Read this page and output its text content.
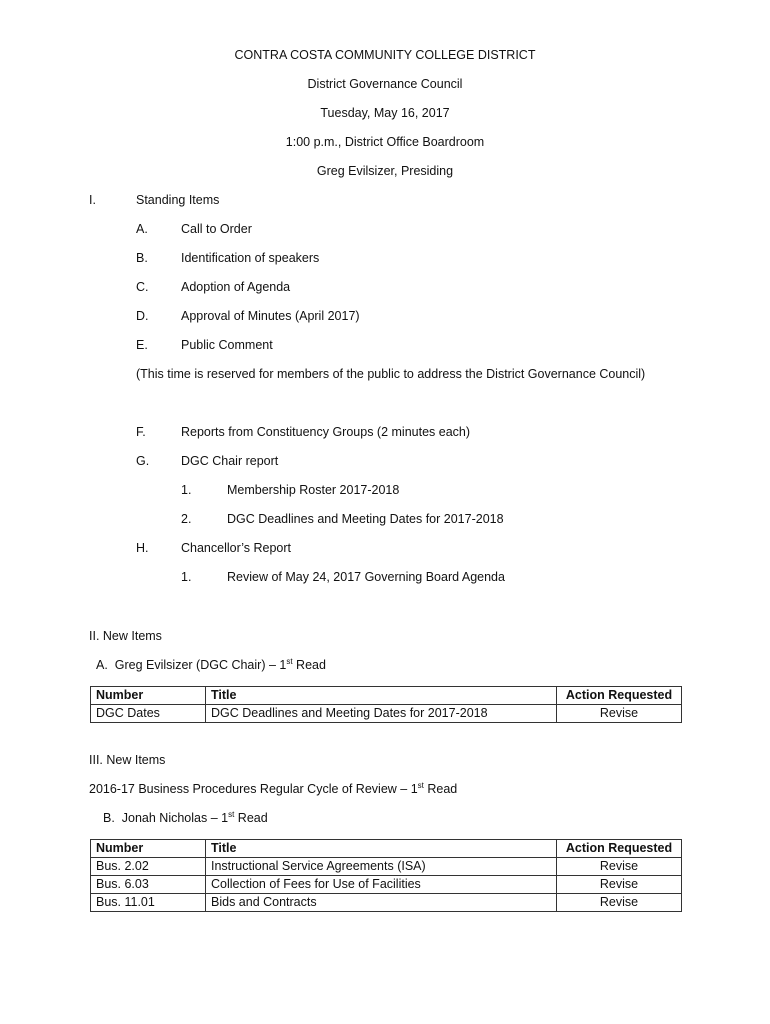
CONTRA COSTA COMMUNITY COLLEGE DISTRICT
District Governance Council
Tuesday, May 16, 2017
1:00 p.m., District Office Boardroom
Greg Evilsizer, Presiding
I.	Standing Items
A.	Call to Order
B.	Identification of speakers
C.	Adoption of Agenda
D.	Approval of Minutes (April 2017)
E.	Public Comment
(This time is reserved for members of the public to address the District Governance Council)
F.	Reports from Constituency Groups (2 minutes each)
G.	DGC Chair report
1.	Membership Roster 2017-2018
2.	DGC Deadlines and Meeting Dates for 2017-2018
H.	Chancellor’s Report
1.	Review of May 24, 2017 Governing Board Agenda
II. New Items
A. Greg Evilsizer (DGC Chair) – 1st Read
Number	Title	Action Requested
DGC Dates	DGC Deadlines and Meeting Dates for 2017-2018	Revise
III. New Items
2016-17 Business Procedures Regular Cycle of Review – 1st Read
B. Jonah Nicholas – 1st Read
Number	Title	Action Requested
Bus. 2.02	Instructional Service Agreements (ISA)	Revise
Bus. 6.03	Collection of Fees for Use of Facilities	Revise
Bus. 11.01	Bids and Contracts	Revise
